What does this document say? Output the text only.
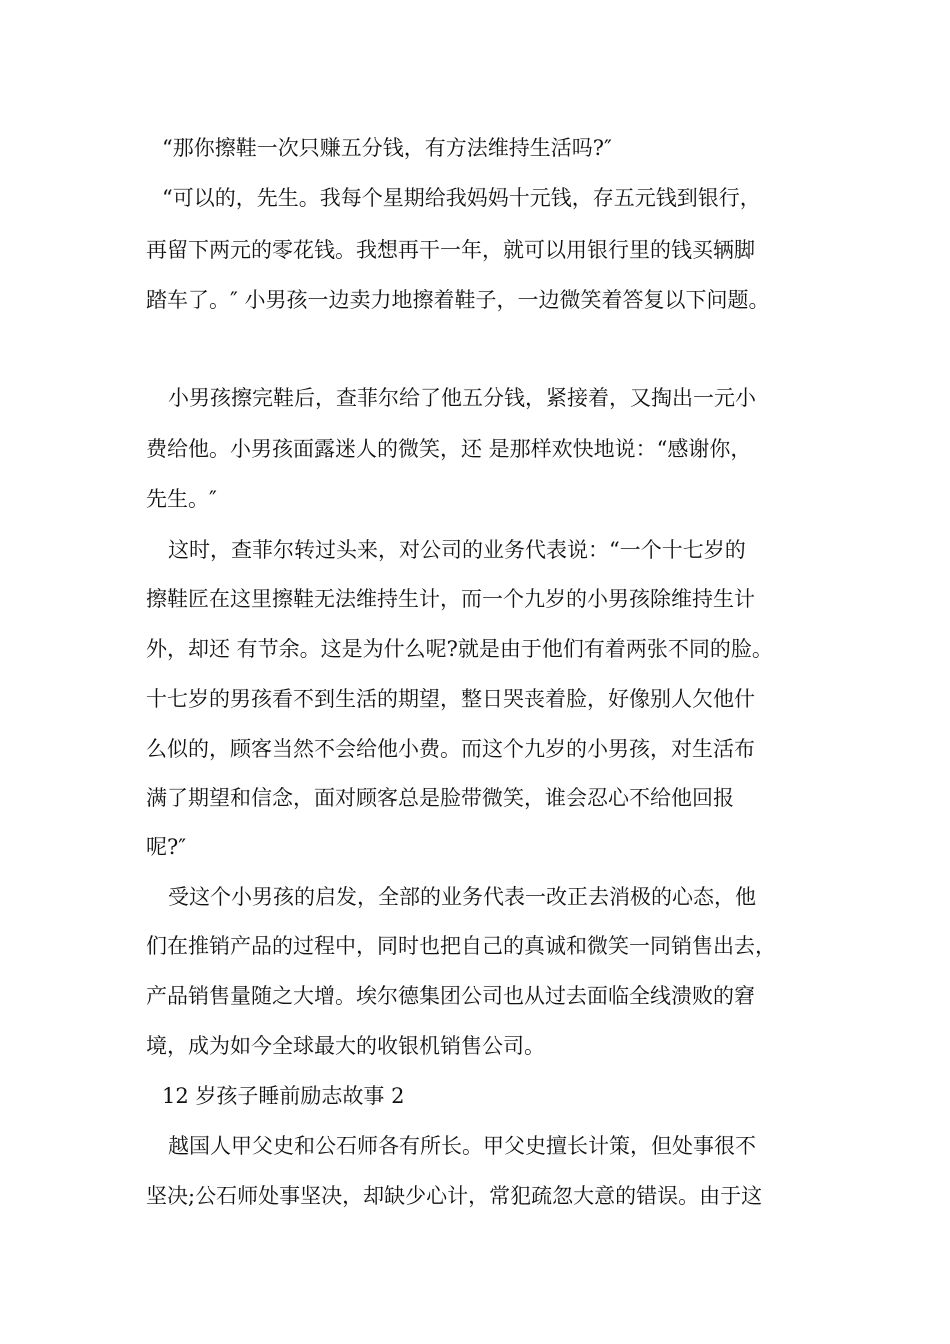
“那你擦鞋一次只赚五分钱，有方法维持生活吗?″
“可以的，先生。我每个星期给我妈妈十元钱，存五元钱到银行，
再留下两元的零花钱。我想再干一年，就可以用银行里的钱买辆脚
踏车了。″ 小男孩一边卖力地擦着鞋子，一边微笑着答复以下问题。
小男孩擦完鞋后，查菲尔给了他五分钱，紧接着，又掏出一元小
费给他。小男孩面露迷人的微笑，还 是那样欢快地说：“感谢你，
先生。″
这时，查菲尔转过头来，对公司的业务代表说：“一个十七岁的
擦鞋匠在这里擦鞋无法维持生计，而一个九岁的小男孩除维持生计
外，却还 有节余。这是为什么呢?就是由于他们有着两张不同的脸。
十七岁的男孩看不到生活的期望，整日哭丧着脸，好像别人欠他什
么似的，顾客当然不会给他小费。而这个九岁的小男孩，对生活布
满了期望和信念，面对顾客总是脸带微笑，谁会忍心不给他回报
呢?″
受这个小男孩的启发，全部的业务代表一改正去消极的心态，他
们在推销产品的过程中，同时也把自己的真诚和微笑一同销售出去，
产品销售量随之大增。埃尔德集团公司也从过去面临全线溃败的窘
境，成为如今全球最大的收银机销售公司。
12 岁孩子睡前励志故事 2
越国人甲父史和公石师各有所长。甲父史擅长计策，但处事很不
坚决;公石师处事坚决，却缺少心计，常犯疏忽大意的错误。由于这
